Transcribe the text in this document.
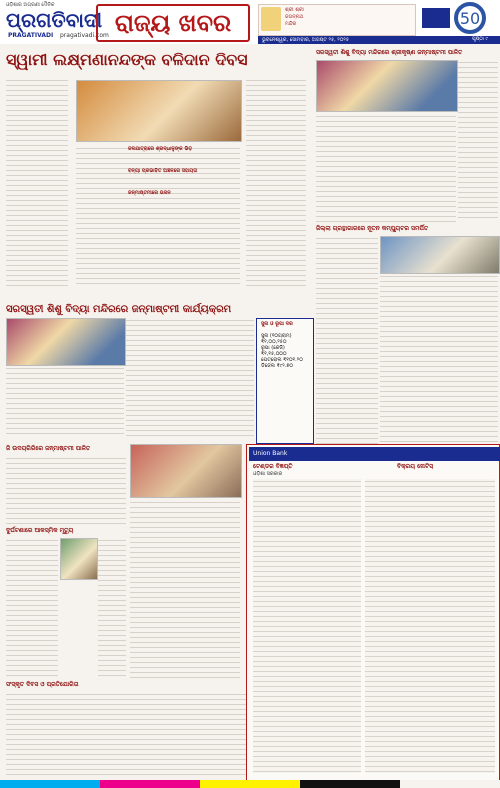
ଓଡ଼ିଶାର ଅଗ୍ରଣୀ ଦୈନିକ
ପ୍ରଗତିବାଦୀ
PRAGATIVADI pragativadi.com ରାଜ୍ୟ ଖବର	ଶ୍ରୀ ଶ୍ରୀ
ଜଗନ୍ନାଥ
ମନ୍ଦିର	50
ଭୁବନେଶ୍ୱର, ସୋମବାର, ଅଗଷ୍ଟ ୨୫, ୨୦୨୫	ପୃଷ୍ଠା ୯
ସ୍ୱାମୀ ଲକ୍ଷ୍ମଣାନନ୍ଦଙ୍କ ବଳିଦାନ ଦିବସ
ଜଳଯାତ୍ରାରେ ଶ୍ରଦ୍ଧାଳୁଙ୍କ ଭିଡ଼
ବନ୍ୟା ପ୍ରଭାବିତ ଅଞ୍ଚଳରେ ସହାୟତା
ଜନ୍ମାଷ୍ଟମୀରେ ଭଜନ
ସରସ୍ୱତୀ ଶିଶୁ ବିଦ୍ୟା ମନ୍ଦିରରେ ଶ୍ରୀକୃଷ୍ଣ ଜନ୍ମାଷ୍ଟମୀ ପାଳିତ
ଜିଲ୍ଲା ଗ୍ରନ୍ଥାଗାରରେ ନୂତନ କମ୍ପ୍ୟୁଟର ସମର୍ପିତ
ସରସ୍ୱତୀ ଶିଶୁ ବିଦ୍ୟା ମନ୍ଦିରରେ ଜନ୍ମାଷ୍ଟମୀ କାର୍ଯ୍ୟକ୍ରମ
ସୁନା ଓ ରୂପା ଦର
ସୁନା (୧୦ଗ୍ରାମ) ₹୧,୦୦,୨୫୦
ରୂପା (କେଜି) ₹୧,୧୫,୦୦୦
ପେଟ୍ରୋଲ ₹୧୦୧.୨୦
ଡିଜେଲ ₹୯୨.୭୦
ଜି ଉଦୟଗିରିରେ ଜନ୍ମାଷ୍ଟମୀ ପାଳିତ
ଦୁର୍ଘଟଣାରେ ଆକସ୍ମିକ ମୃତ୍ୟୁ
ସଂସ୍କୃତ ଦିବସ ଓ ପ୍ରତିଯୋଗିତା
Union Bank
ବିକ୍ରୟ ନୋଟିସ୍
ଟେଣ୍ଡର ବିଜ୍ଞପ୍ତି
ଓଡ଼ିଶା ସରକାର
